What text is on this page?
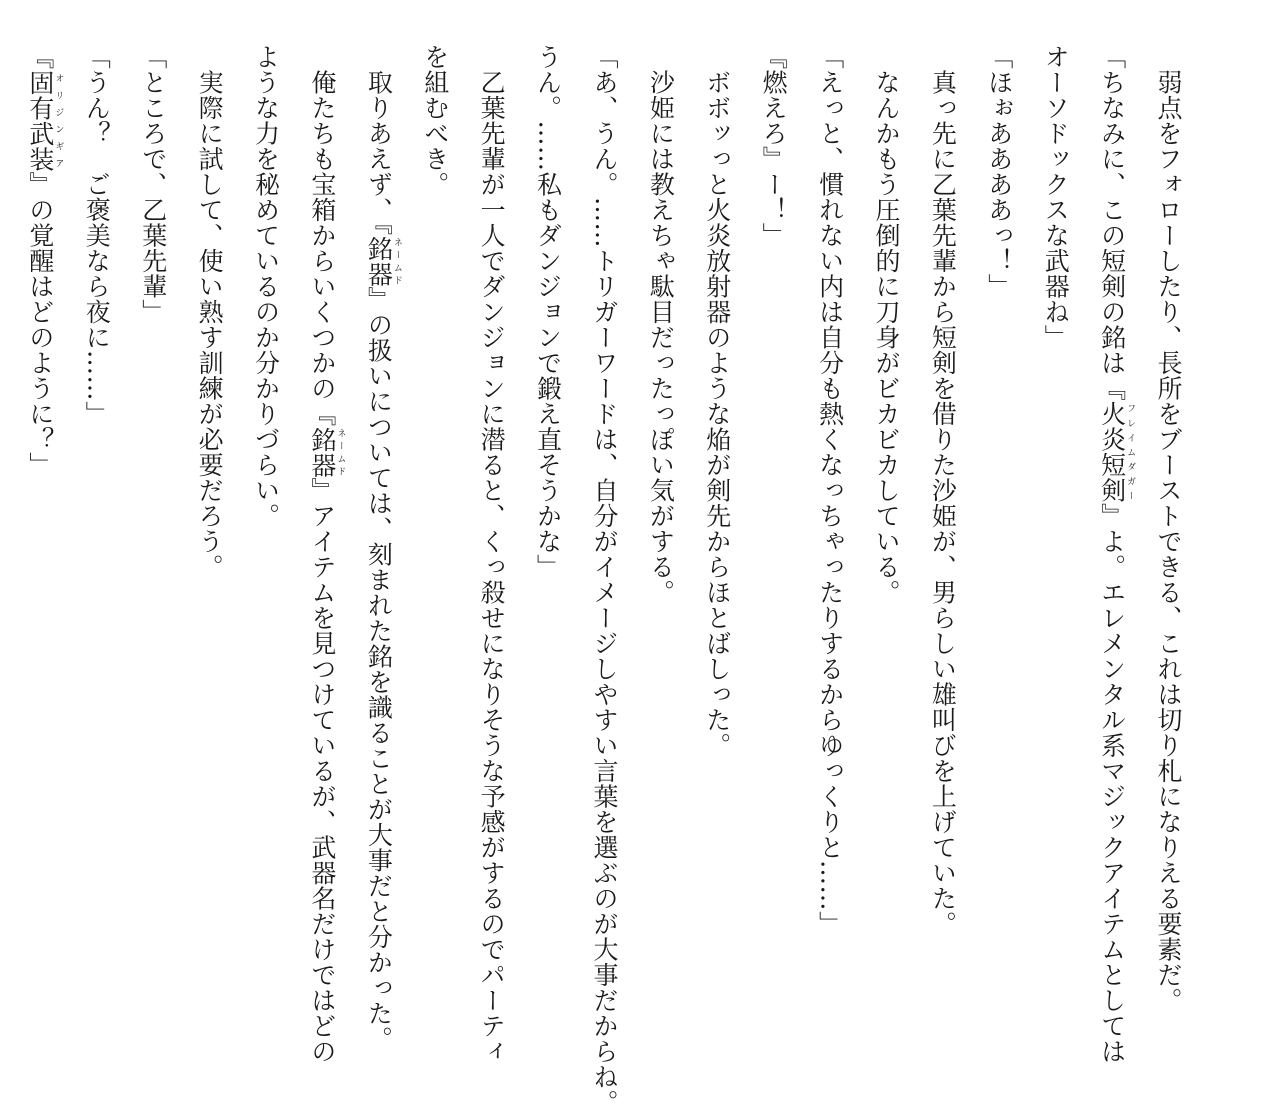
　弱点をフォローしたり、長所をブーストできる、これは切り札になりえる要素だ。
「ちなみに、この短剣の銘は『火炎短剣フレイムダガー』よ。エレメンタル系マジックアイテムとしては
オーソドックスな武器ね」
「ほぉああああっ！」
　真っ先に乙葉先輩から短剣を借りた沙姫が、男らしい雄叫びを上げていた。
　なんかもう圧倒的に刀身がビカビカしている。
「えっと、慣れない内は自分も熱くなっちゃったりするからゆっくりと……」
『燃えろ』ー！」
　ボボッっと火炎放射器のような焔が剣先からほとばしった。
　沙姫には教えちゃ駄目だったっぽい気がする。
「あ、うん。……トリガーワードは、自分がイメージしやすい言葉を選ぶのが大事だからね。
うん。……私もダンジョンで鍛え直そうかな」
　乙葉先輩が一人でダンジョンに潜ると、くっ殺せになりそうな予感がするのでパーティ
を組むべき。
　取りあえず、『銘器ネームド』の扱いについては、刻まれた銘を識ることが大事だと分かった。
　俺たちも宝箱からいくつかの『銘器ネームド』アイテムを見つけているが、武器名だけではどの
ような力を秘めているのか分かりづらい。
　実際に試して、使い熟す訓練が必要だろう。
「ところで、乙葉先輩」
「うん？　ご褒美なら夜に……」
『固有武装オリジンギア』の覚醒はどのように？」
